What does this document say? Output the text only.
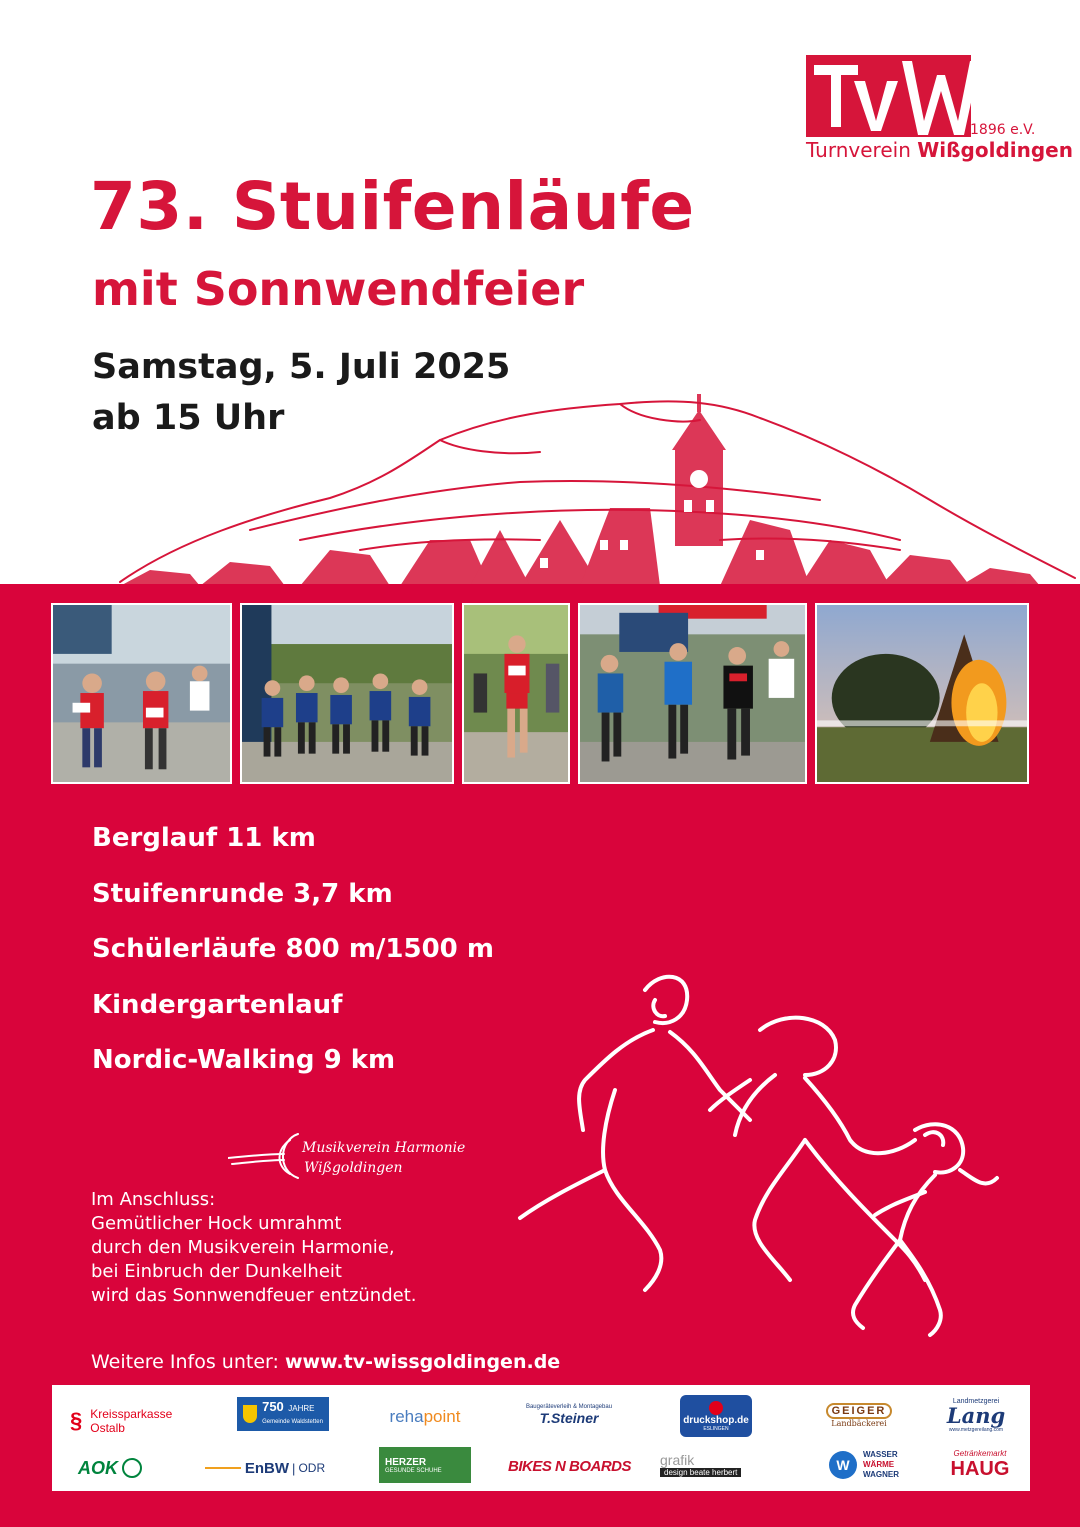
1896 e.V.
Turnverein Wißgoldingen
73. Stuifenläufe
mit Sonnwendfeier
Samstag, 5. Juli 2025
ab 15 Uhr
Berglauf 11 km
Stuifenrunde 3,7 km
Schülerläufe 800 m/1500 m
Kindergartenlauf
Nordic-Walking 9 km
Musikverein Harmonie
Wißgoldingen
Im Anschluss:
Gemütlicher Hock umrahmt
durch den Musikverein Harmonie,
bei Einbruch der Dunkelheit
wird das Sonnwendfeuer entzündet.
Weitere Infos unter: www.tv-wissgoldingen.de
§ Kreissparkasse
Ostalb
750 JAHRE
Gemeinde Waldstetten	reha point	Baugeräteverleih & Montagebau
T.Steiner	druckshop.de
ESLINGEN
GEIGER
Landbäckerei
Landmetzgerei
Lang
www.metzgereilang.com
AOK	EnBW | ODR	HERZER
GESUNDE SCHUHE	BIKES N BOARDS grafik
design beate herbert	W
WASSER
WÄRME
WAGNER
Getränkemarkt
HAUG
